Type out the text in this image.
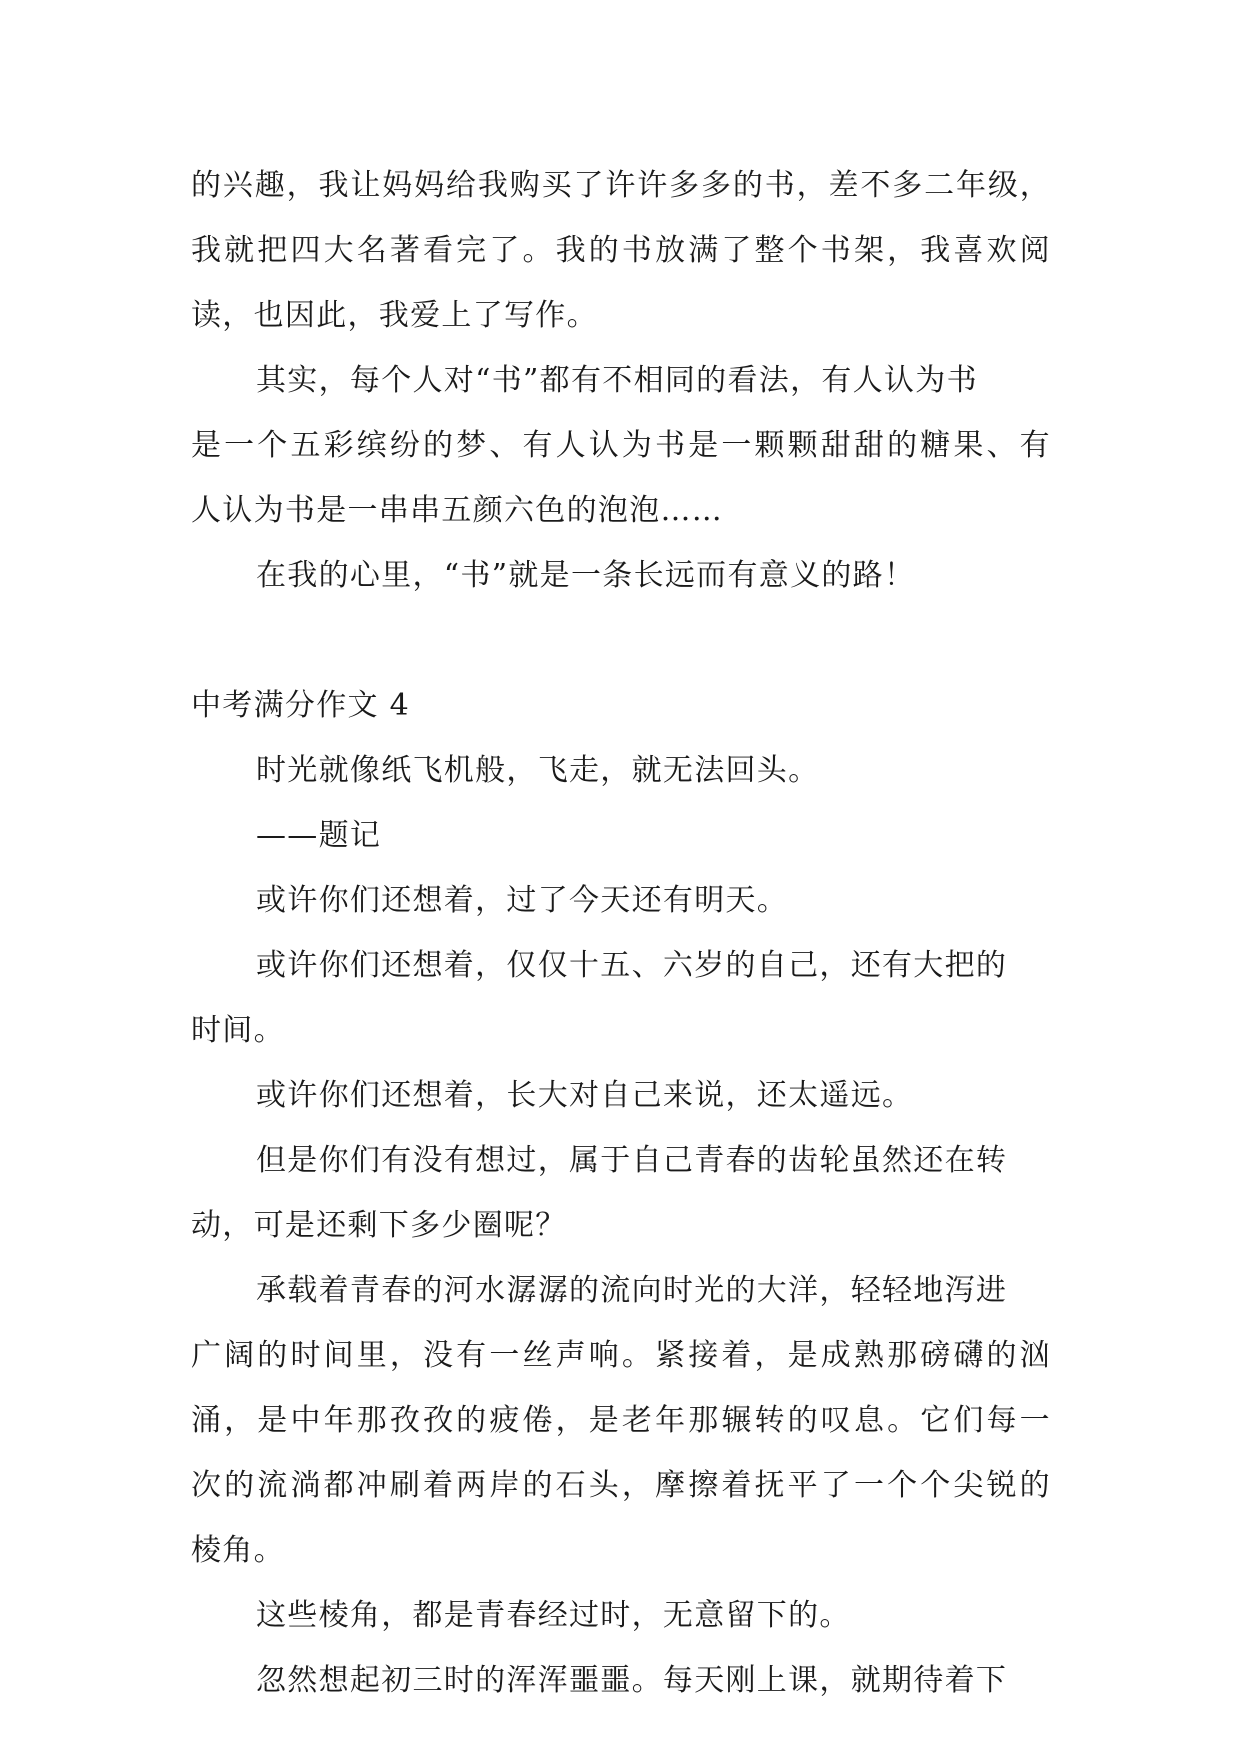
的兴趣，我让妈妈给我购买了许许多多的书，差不多二年级，
我就把四大名著看完了。我的书放满了整个书架，我喜欢阅
读，也因此，我爱上了写作。
其实，每个人对“书”都有不相同的看法，有人认为书
是一个五彩缤纷的梦、有人认为书是一颗颗甜甜的糖果、有
人认为书是一串串五颜六色的泡泡……
在我的心里，“书”就是一条长远而有意义的路！
中考满分作文 4
时光就像纸飞机般，飞走，就无法回头。
——题记
或许你们还想着，过了今天还有明天。
或许你们还想着，仅仅十五、六岁的自己，还有大把的
时间。
或许你们还想着，长大对自己来说，还太遥远。
但是你们有没有想过，属于自己青春的齿轮虽然还在转
动，可是还剩下多少圈呢？
承载着青春的河水潺潺的流向时光的大洋，轻轻地泻进
广阔的时间里，没有一丝声响。紧接着，是成熟那磅礴的汹
涌，是中年那孜孜的疲倦，是老年那辗转的叹息。它们每一
次的流淌都冲刷着两岸的石头，摩擦着抚平了一个个尖锐的
棱角。
这些棱角，都是青春经过时，无意留下的。
忽然想起初三时的浑浑噩噩。每天刚上课，就期待着下
